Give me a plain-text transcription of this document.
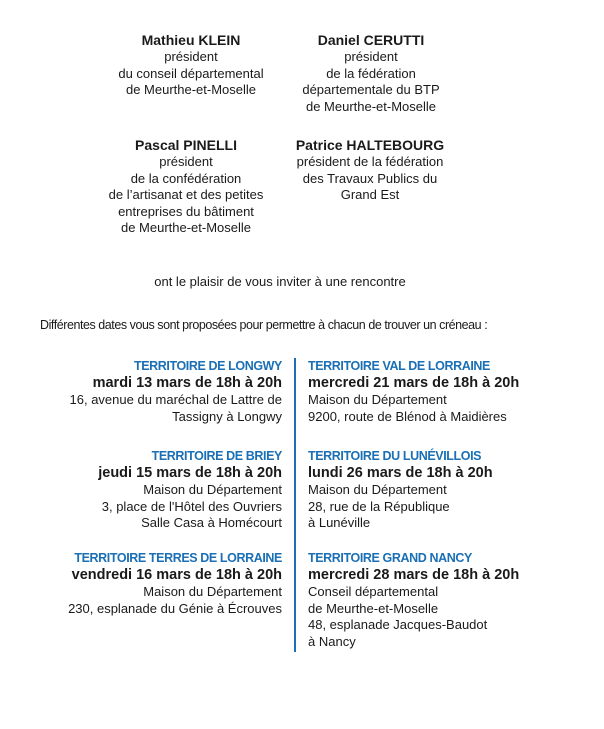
Mathieu KLEIN
président
du conseil départemental
de Meurthe-et-Moselle
Daniel CERUTTI
président
de la fédération
départementale du BTP
de Meurthe-et-Moselle
Pascal PINELLI
président
de la confédération
de l’artisanat et des petites
entreprises du bâtiment
de Meurthe-et-Moselle
Patrice HALTEBOURG
président de la fédération
des Travaux Publics du
Grand Est
ont le plaisir de vous inviter à une rencontre
Différentes dates vous sont proposées pour permettre à chacun de trouver un créneau :
TERRITOIRE DE LONGWY
mardi 13 mars de 18h à 20h
16, avenue du maréchal de Lattre de
Tassigny à Longwy
TERRITOIRE DE BRIEY
jeudi 15 mars de 18h à 20h
Maison du Département
3, place de l'Hôtel des Ouvriers
Salle Casa à Homécourt
TERRITOIRE TERRES DE LORRAINE
vendredi 16 mars de 18h à 20h
Maison du Département
230, esplanade du Génie à Écrouves
TERRITOIRE VAL DE LORRAINE
mercredi 21 mars de 18h à 20h
Maison du Département
9200, route de Blénod à Maidières
TERRITOIRE DU LUNÉVILLOIS
lundi 26 mars de 18h à 20h
Maison du Département
28, rue de la République
à Lunéville
TERRITOIRE GRAND NANCY
mercredi 28 mars de 18h à 20h
Conseil départemental
de Meurthe-et-Moselle
48, esplanade Jacques-Baudot
à Nancy
